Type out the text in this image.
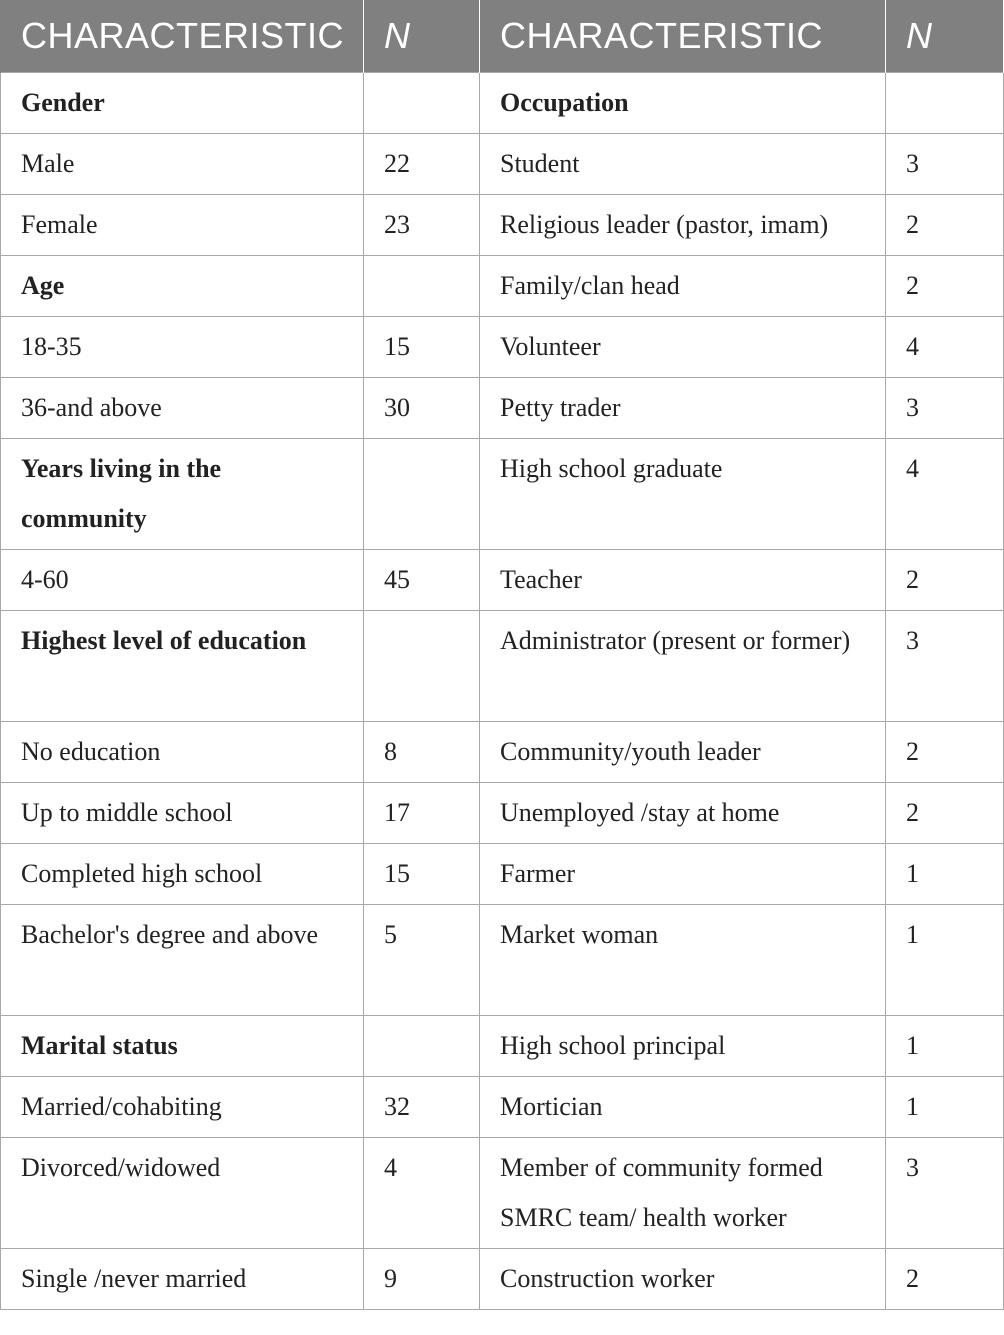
CHARACTERISTIC	N	CHARACTERISTIC	N
Gender		Occupation	
Male	22	Student	3
Female	23	Religious leader (pastor, imam)	2
Age		Family/clan head	2
18-35	15	Volunteer	4
36-and above	30	Petty trader	3
Years living in the community		High school graduate	4
4-60	45	Teacher	2
Highest level of education		Administrator (present or former)	3
No education	8	Community/youth leader	2
Up to middle school	17	Unemployed /stay at home	2
Completed high school	15	Farmer	1
Bachelor's degree and above	5	Market woman	1
Marital status		High school principal	1
Married/cohabiting	32	Mortician	1
Divorced/widowed	4	Member of community formed SMRC team/ health worker	3
Single /never married	9	Construction worker	2
